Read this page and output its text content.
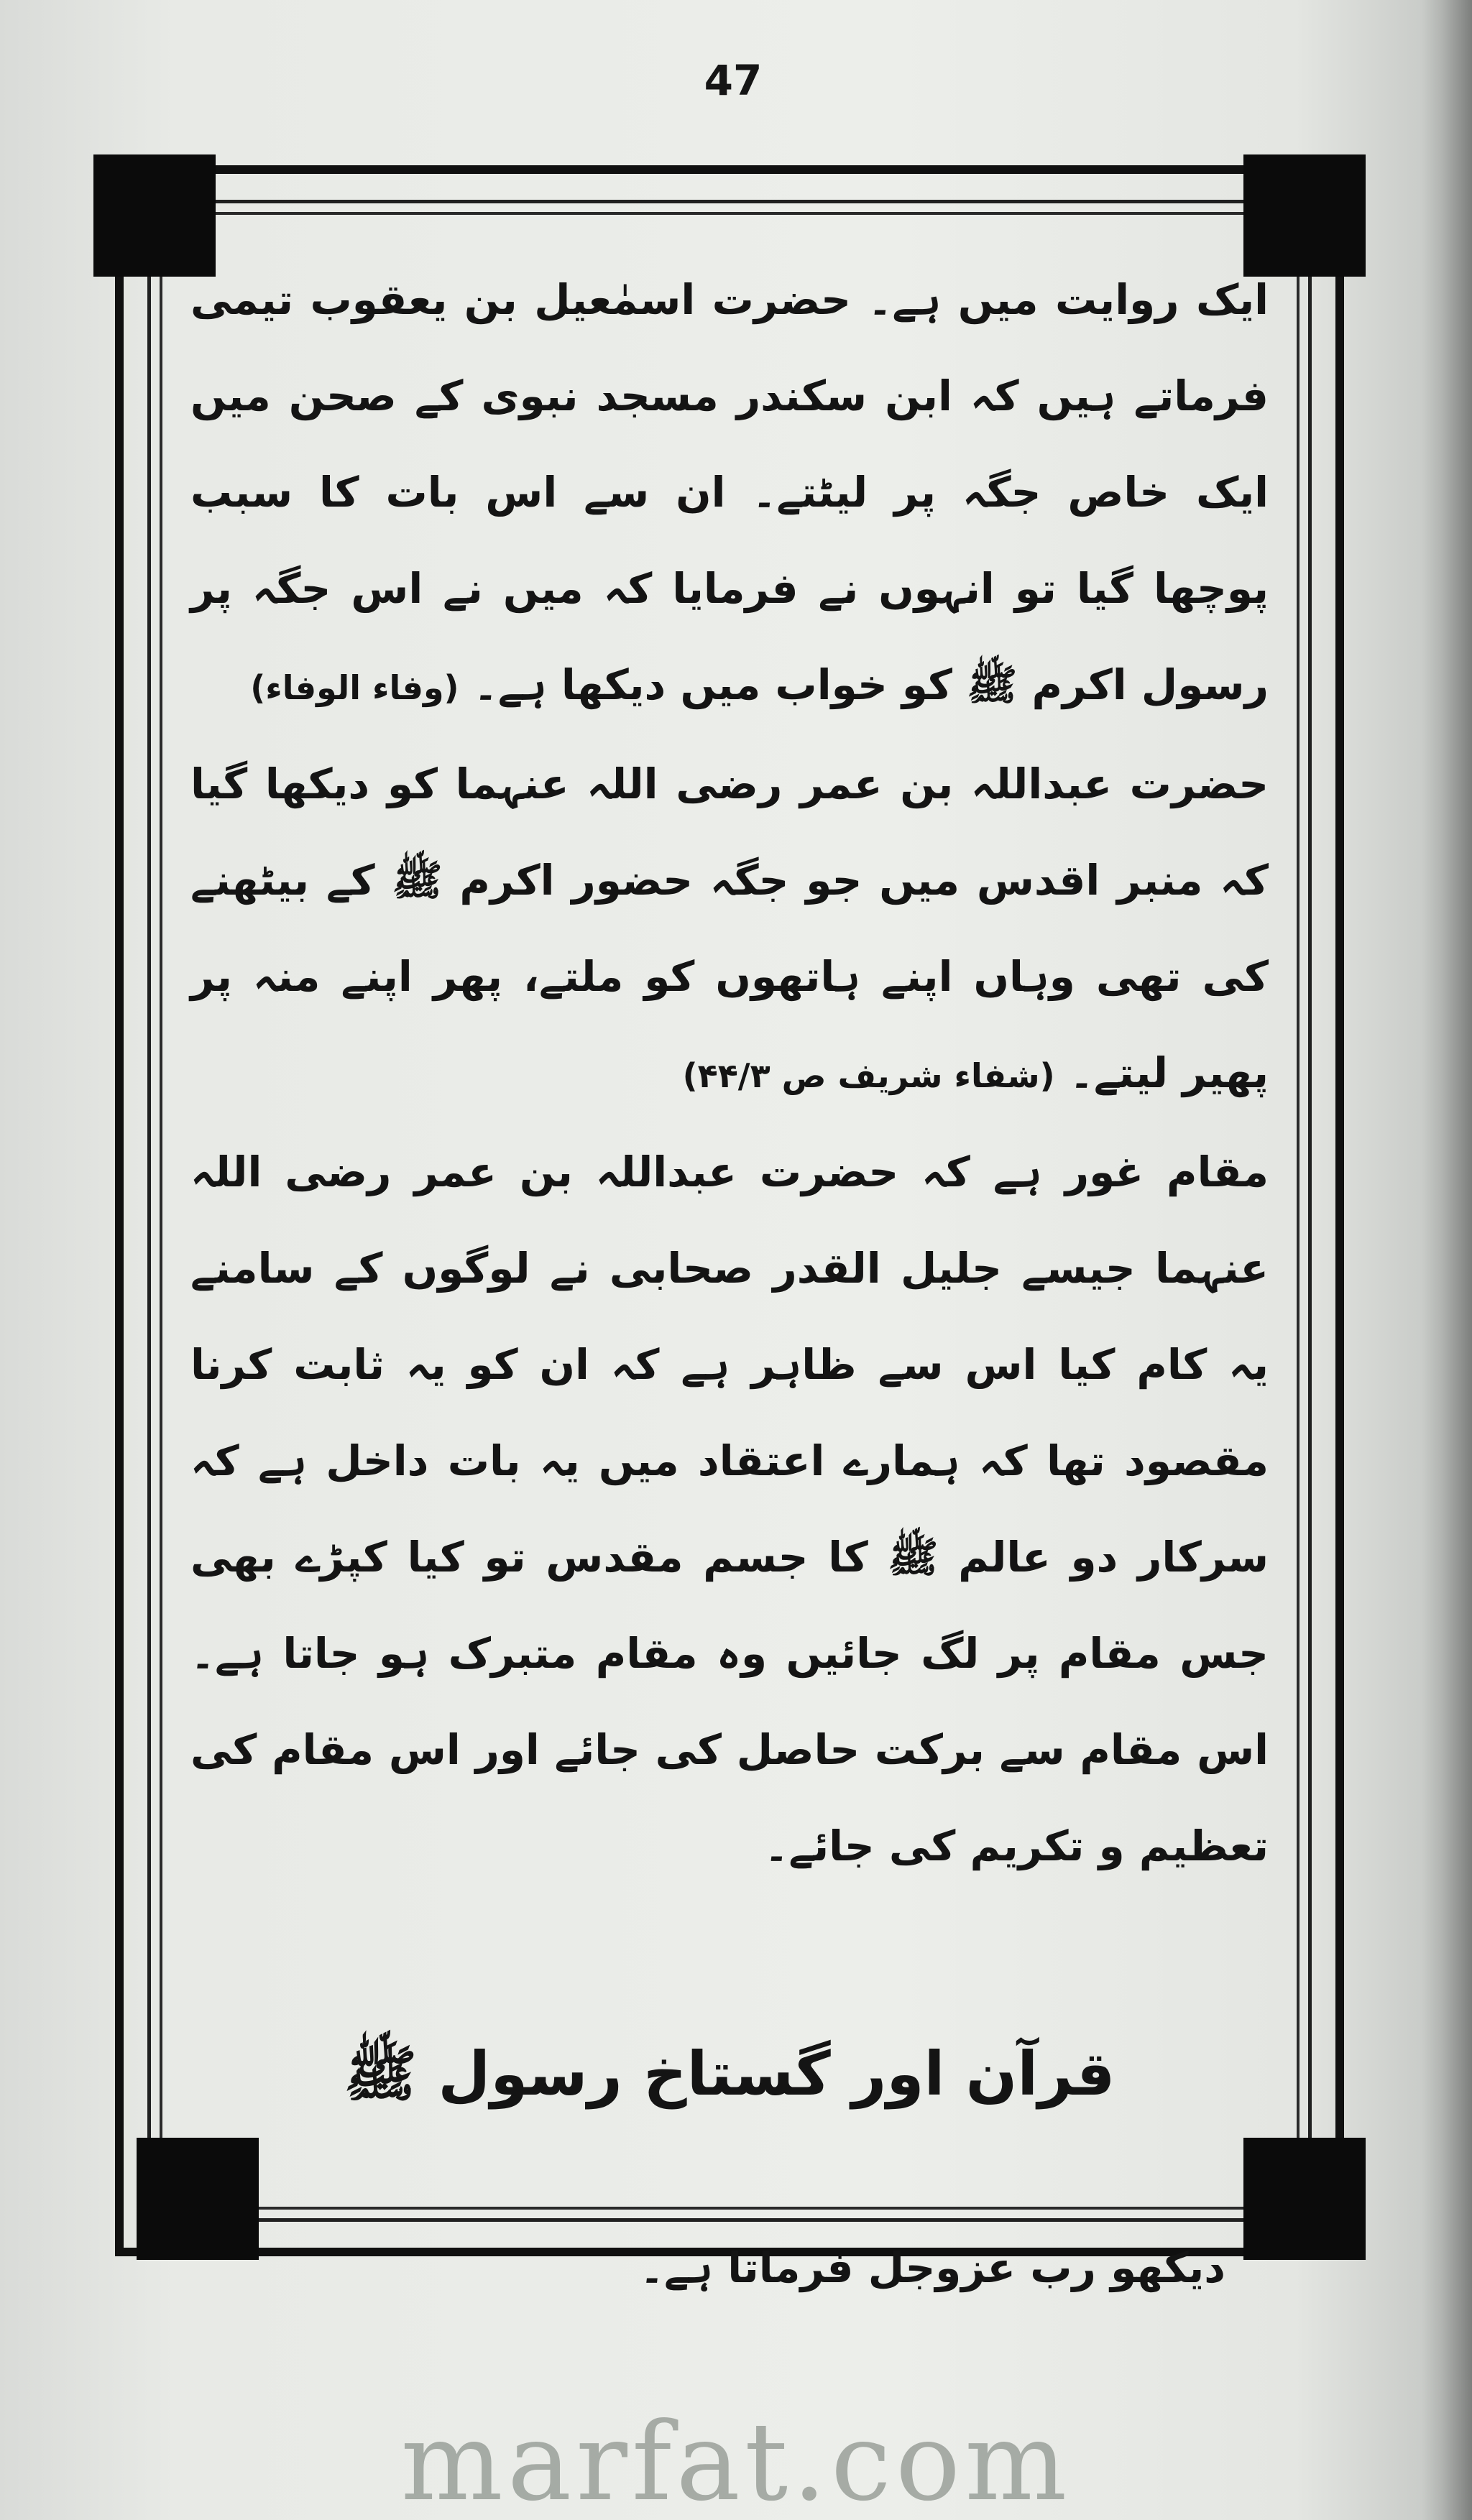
47

ایک روایت میں ہے۔ حضرت اسمٰعیل بن یعقوب تیمی فرماتے ہیں کہ ابن سکندر مسجد نبوی کے صحن میں ایک خاص جگہ پر لیٹتے۔ ان سے اس بات کا سبب پوچھا گیا تو انہوں نے فرمایا کہ میں نے اس جگہ پر رسول اکرم ﷺ کو خواب میں دیکھا ہے۔ (وفاء الوفاء)

حضرت عبداللہ بن عمر رضی اللہ عنہما کو دیکھا گیا کہ منبر اقدس میں جو جگہ حضور اکرم ﷺ کے بیٹھنے کی تھی وہاں اپنے ہاتھوں کو ملتے، پھر اپنے منہ پر پھیر لیتے۔ (شفاء شریف ص ۴۴/۳)

مقام غور ہے کہ حضرت عبداللہ بن عمر رضی اللہ عنہما جیسے جلیل القدر صحابی نے لوگوں کے سامنے یہ کام کیا اس سے ظاہر ہے کہ ان کو یہ ثابت کرنا مقصود تھا کہ ہمارے اعتقاد میں یہ بات داخل ہے کہ سرکار دو عالم ﷺ کا جسم مقدس تو کیا کپڑے بھی جس مقام پر لگ جائیں وہ مقام متبرک ہو جاتا ہے۔ اس مقام سے برکت حاصل کی جائے اور اس مقام کی تعظیم و تکریم کی جائے۔

قرآن اور گستاخ رسول ﷺ
دیکھو رب عزوجل فرماتا ہے۔
marfat.com
